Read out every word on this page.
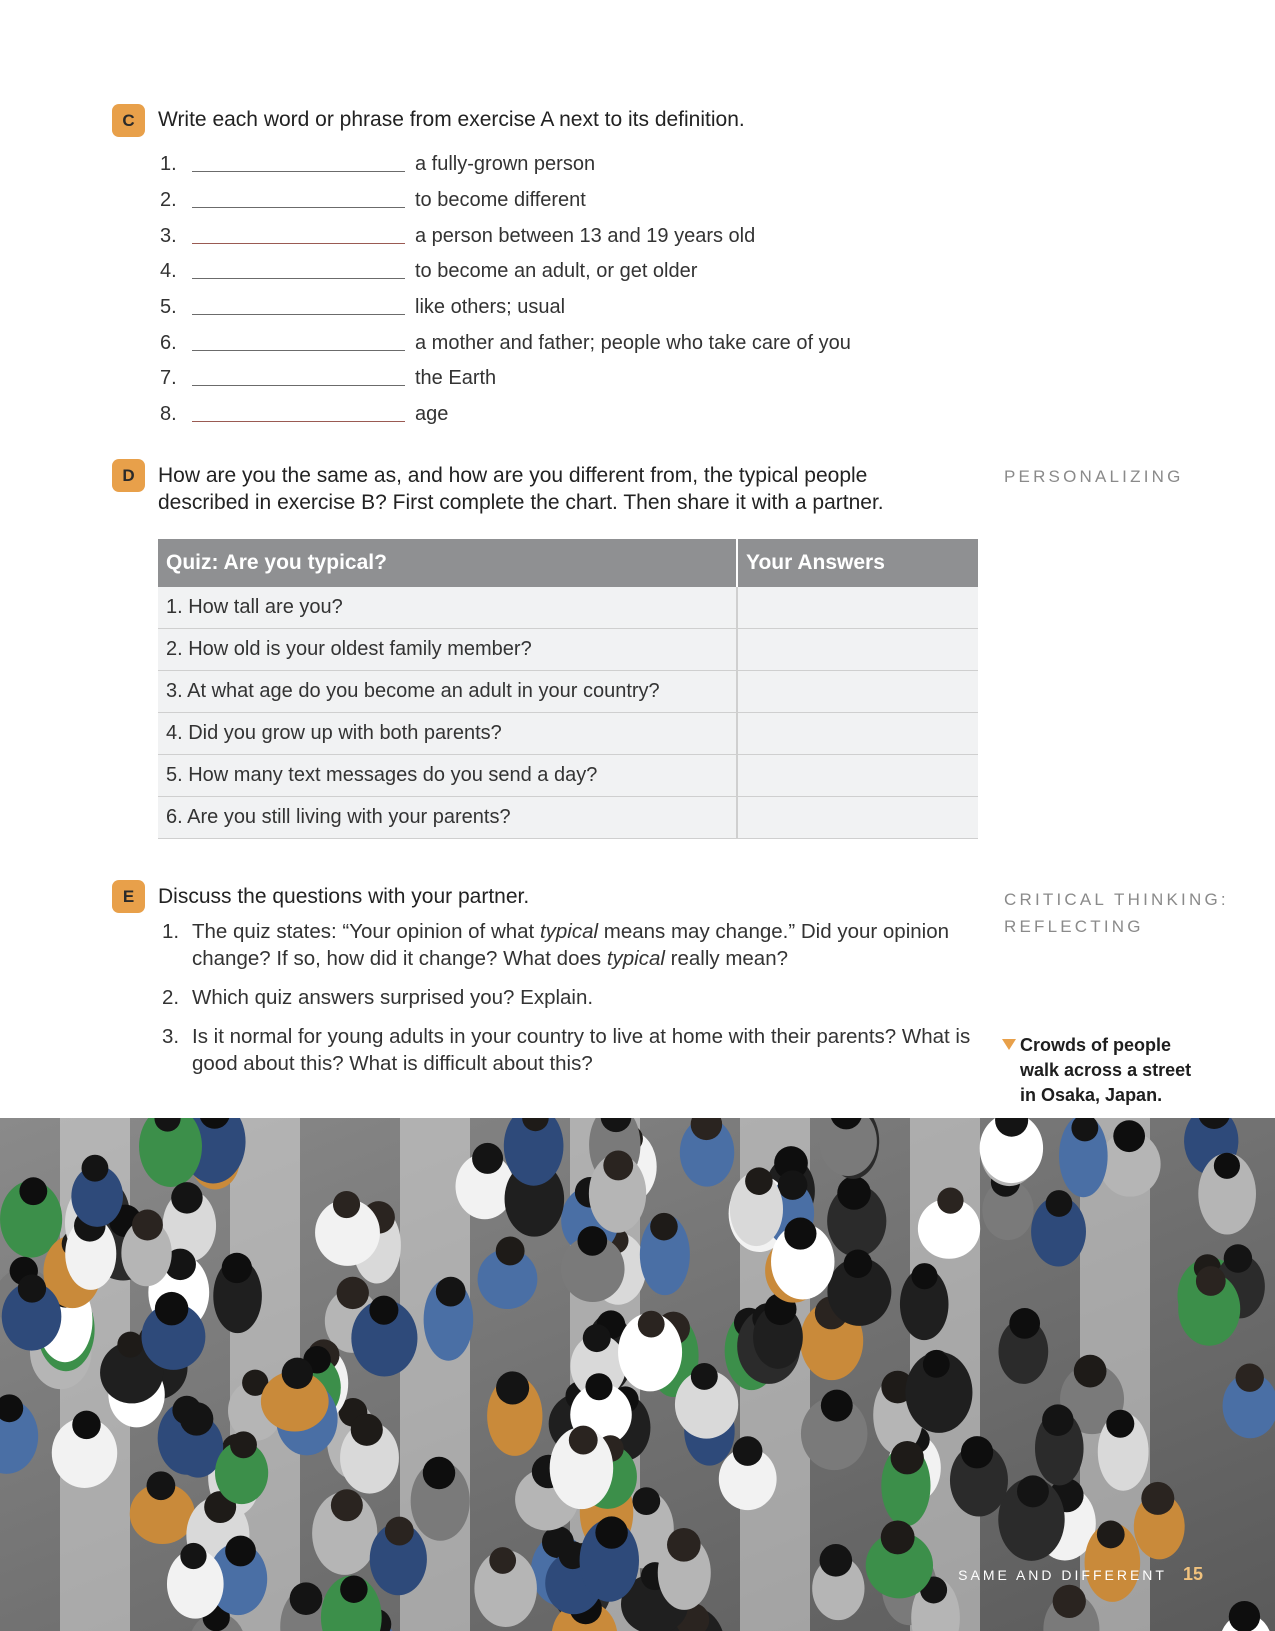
C	Write each word or phrase from exercise A next to its definition.
1.	a fully-grown person
2.	to become different
3.	a person between 13 and 19 years old
4.	to become an adult, or get older
5.	like others; usual
6.	a mother and father; people who take care of you
7.	the Earth
8.	age
D	How are you the same as, and how are you different from, the typical people
described in exercise B? First complete the chart. Then share it with a partner.
PERSONALIZING
Quiz: Are you typical?	Your Answers
1. How tall are you?	
2. How old is your oldest family member?	
3. At what age do you become an adult in your country?	
4. Did you grow up with both parents?	
5. How many text messages do you send a day?	
6. Are you still living with your parents?	
E	Discuss the questions with your partner.	CRITICAL THINKING:
REFLECTING
1. The quiz states: “Your opinion of what typical means may change.” Did your opinion change? If so, how did it change? What does typical really mean?
2. Which quiz answers surprised you? Explain.
3. Is it normal for young adults in your country to live at home with their parents? What is good about this? What is difficult about this?
Crowds of people
walk across a street
in Osaka, Japan.
SAME AND DIFFERENT 15
